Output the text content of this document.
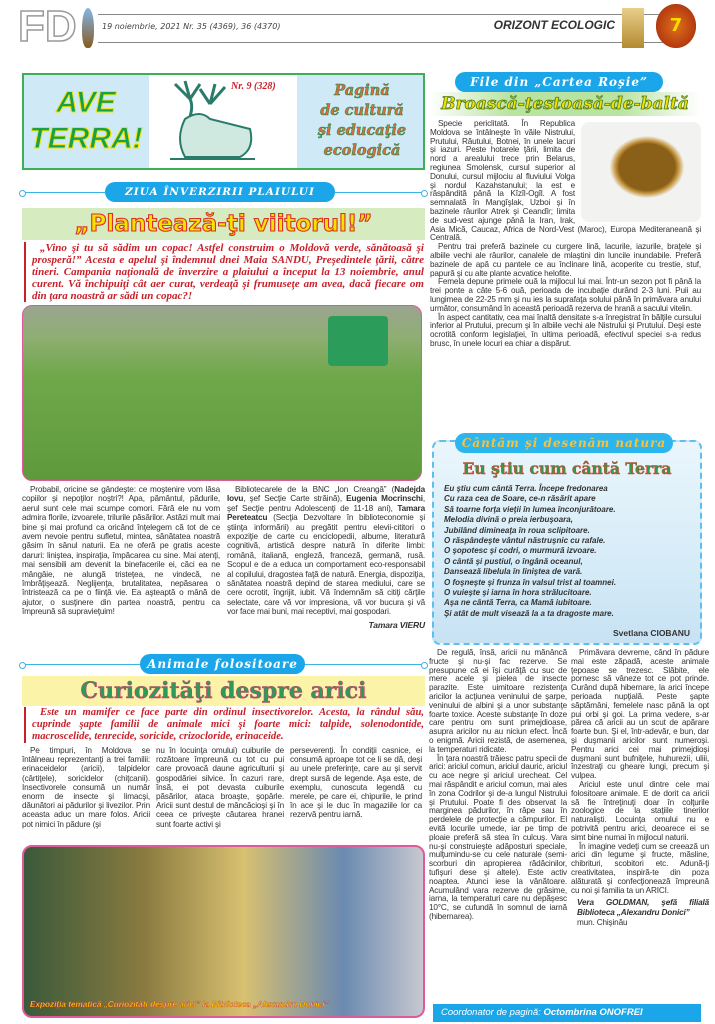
FD	19 noiembrie, 2021 Nr. 35 (4369), 36 (4370)	ORIZONT ECOLOGIC	7
AVE
TERRA!
Nr. 9 (328)	Pagină
de cultură
şi educaţie
ecologică
ZIUA ÎNVERZIRII PLAIULUI
„Plantează-ţi viitorul!”
„Vino şi tu să sădim un copac! Astfel construim o Moldovă verde, sănătoasă şi prosperă!” Acesta e apelul şi îndemnul dnei Maia SANDU, Preşedintele ţării, către tineri. Campania naţională de înverzire a plaiului a început la 13 noiembrie, anul curent. Vă închipuiţi cât aer curat, verdeaţă şi frumuseţe am avea, dacă fiecare om din ţara noastră ar sădi un copac?!

Probabil, oricine se gândeşte: ce moştenire vom lăsa copiilor şi nepoţilor noştri?! Apa, pământul, pădurile, aerul sunt cele mai scumpe comori. Fără ele nu vom admira florile, izvoarele, trilurile păsărilor. Astăzi mult mai bine şi mai profund ca oricând înţelegem că tot de ce avem nevoie pentru sufletul, mintea, sănătatea noastră găsim în sânul naturii. Ea ne oferă pe gratis aceste daruri: liniştea, inspiraţia, împăcarea cu sine. Mai atenţi, mai sensibili am devenit la binefacerile ei, căci ea ne mângâie, ne alungă tristeţea, ne vindecă, ne îmbrăţişează. Neglijenţa, brutalitatea, nepăsarea o întristează ca pe o fiinţă vie. Ea aşteaptă o mână de ajutor, o susţinere din partea noastră, pentru ca împreună să supravieţuim!

Bibliotecarele de la BNC „Ion Creangă” (Nadejda Iovu, şef Secţie Carte străină), Eugenia Mocrinschi, şef Secţie pentru Adolescenţi de 11-18 ani), Tamara Pereteatcu (Secţia Dezvoltare în biblioteconomie şi ştiinţa informării) au pregătit pentru elevii-cititori o expoziţie de carte cu enciclopedii, albume, literatură cognitivă, artistică despre natură în diferite limbi: română, italiană, engleză, franceză, germană, rusă. Scopul e de a educa un comportament eco-responsabil al copilului, dragostea faţă de natură. Energia, dispoziţia, sănătatea noastră depind de starea mediului, care se cere ocrotit, îngrijit, iubit. Vă îndemnăm să citiţi cărţile selectate, care vă vor impresiona, vă vor bucura şi vă vor face mai buni, mai receptivi, mai gospodari.

Tamara VIERU
File din „Cartea Roşie”
Broască-ţestoasă-de-baltă

Specie periclitată. În Republica Moldova se întâlneşte în văile Nistrului, Prutului, Răutului, Botnei, în unele lacuri şi iazuri. Peste hotarele ţării, limita de nord a arealului trece prin Belarus, regiunea Smolensk, cursul superior al Donului, cursul mijlociu al fluviului Volga şi nordul Kazahstanului; la est e răspândită până la Kîzîl-Ogîl. A fost semnalată în Mangîşlak, Uzboi şi în bazinele râurilor Atrek şi Ceandîr; limita de sud-vest ajunge până la Iran, Irak, Asia Mică, Caucaz, Africa de Nord-Vest (Maroc), Europa Mediteraneană şi Centrală.

Pentru trai preferă bazinele cu curgere lină, lacurile, iazurile, braţele şi albiile vechi ale râurilor, canalele de mlaştini din luncile inundabile. Preferă bazinele de apă cu pantele ce au înclinare lină, acoperite cu trestie, stuf, papură şi cu alte plante acvatice helofite.

Femela depune primele ouă la mijlocul lui mai. Într-un sezon pot fi până la trei ponte a câte 5-6 ouă, perioada de incubaţie durând 2-3 luni. Puii au lungimea de 22-25 mm şi nu ies la suprafaţa solului până în primăvara anului următor, consumând în această perioadă rezerva de hrană a sacului vitelin.

În aspect cantitativ, cea mai înaltă densitate s-a înregistrat în bălţile cursului inferior al Prutului, precum şi în albiile vechi ale Nistrului şi Prutului. Deşi este ocrotită conform legislaţiei, în ultima perioadă, efectivul speciei s-a redus brusc, în unele locuri ea chiar a dispărut.

Eu ştiu cum cântă Terra
Eu ştiu cum cântă Terra. Începe fredonarea
Cu raza cea de Soare, ce-n răsărit apare
Să toarne forţa vieţii în lumea înconjurătoare.
Melodia divină o preia ierbuşoara,
Jubilând dimineaţa în roua sclipitoare.
O răspândeşte vântul năstruşnic cu rafale.
O şopotesc şi codri, o murmură izvoare.
O cântă şi pustiul, o îngână oceanul,
Dansează libelula în liniştea de vară.
O foşneşte şi frunza în valsul trist al toamnei.
O vuieşte şi iarna în hora strălucitoare.
Aşa ne cântă Terra, ca Mamă iubitoare.
Şi atât de mult visează la a ta dragoste mare.
Svetlana CIOBANU
Cântăm şi desenăm natura
Animale folositoare
Curiozităţi despre arici
Este un mamifer ce face parte din ordinul insectivorelor. Acesta, la rândul său, cuprinde şapte familii de animale mici şi foarte mici: talpide, solenodontide, macroscelide, tenrecide, soricide, crizocloride, erinaceide.
Pe timpuri, în Moldova se întâlneau reprezentanţi a trei familii: erinaceidelor (aricii), talpidelor (cârtiţele), soricidelor (chiţcanii). Insectivorele consumă un număr enorm de insecte şi limacşi, dăunători ai pădurilor şi livezilor. Prin aceasta aduc un mare folos. Aricii pot nimici în pădure (şi
nu în locuinţa omului) cuiburile de rozătoare împreună cu tot cu pui care provoacă daune agriculturii şi gospodăriei silvice. În cazuri rare, însă, ei pot devasta cuiburile păsărilor, ataca broaşte, şopârle. Aricii sunt destul de mâncăcioşi şi în ceea ce priveşte căutarea hranei sunt foarte activi şi
perseverenţi. În condiţii casnice, ei consumă aproape tot ce li se dă, deşi au unele preferinţe, care au şi servit drept sursă de legende. Aşa este, de exemplu, cunoscuta legendă cu merele, pe care ei, chipurile, le prind în ace şi le duc în magaziile lor ca rezervă pentru iarnă.
Expoziţia tematică „Curiozităţi despre arici” la Biblioteca „Alexandru Donici”

De regulă, însă, aricii nu mănâncă fructe şi nu-şi fac rezerve. Se presupune că ei îşi curăţă cu suc de mere acele şi pielea de insecte parazite. Este uimitoare rezistenţa aricilor la acţiunea veninului de şarpe, veninului de albini şi a unor substanţe foarte toxice. Aceste substanţe în doze care pentru om sunt primejdioase, asupra aricilor nu au niciun efect. Încă o enigmă. Aricii rezistă, de asemenea, la temperaturi ridicate.

În ţara noastră trăiesc patru specii de arici: ariciul comun, ariciul dauric, ariciul cu ace negre şi ariciul urecheat. Cel mai răspândit e ariciul comun, mai ales în zona Codrilor şi de-a lungul Nistrului şi Prutului. Poate fi des observat la marginea pădurilor, în râpe sau în perdelele de protecţie a câmpurilor. El evită locurile umede, iar pe timp de ploaie preferă să stea în culcuş. Vara nu-şi construieşte adăposturi speciale, mulţumindu-se cu cele naturale (semi-scorburi din apropierea rădăcinilor, tufişuri dese şi altele). Este activ noaptea. Atunci iese la vânătoare. Acumulând vara rezerve de grăsime, iarna, la temperaturi care nu depăşesc 10°C, se cufundă în somnul de iarnă (hibernarea).

Primăvara devreme, când în pădure mai este zăpadă, aceste animale ţepoase se trezesc. Slăbite, ele pornesc să vâneze tot ce pot prinde. Curând după hibernare, la arici începe perioada nupţială. Peste şapte săptămâni, femelele nasc până la opt pui orbi şi goi. La prima vedere, s-ar părea că aricii au un scut de apărare foarte bun. Şi el, într-adevăr, e bun, dar şi duşmanii aricilor sunt numeroşi. Pentru arici cei mai primejdioşi duşmani sunt bufniţele, huhurezii, uliii, înzestraţi cu gheare lungi, precum şi vulpea.

Ariciul este unul dintre cele mai folositoare animale. E de dorit ca aricii să fie întreţinuţi doar în colţurile zoologice de la staţiile tinerilor naturalişti. Locuinţa omului nu e potrivită pentru arici, deoarece ei se simt bine numai în mijlocul naturii.

În imagine vedeţi cum se creează un arici din legume şi fructe, măsline, chibrituri, scobitori etc. Adună-ţi creativitatea, inspiră-te din poza alăturată şi confecţionează împreună cu noi şi familia ta un ARICI.

Vera GOLDMAN, şefă filială Biblioteca „Alexandru Donici”
mun. Chişinău
Coordonator de pagină: Octombrina ONOFREI
